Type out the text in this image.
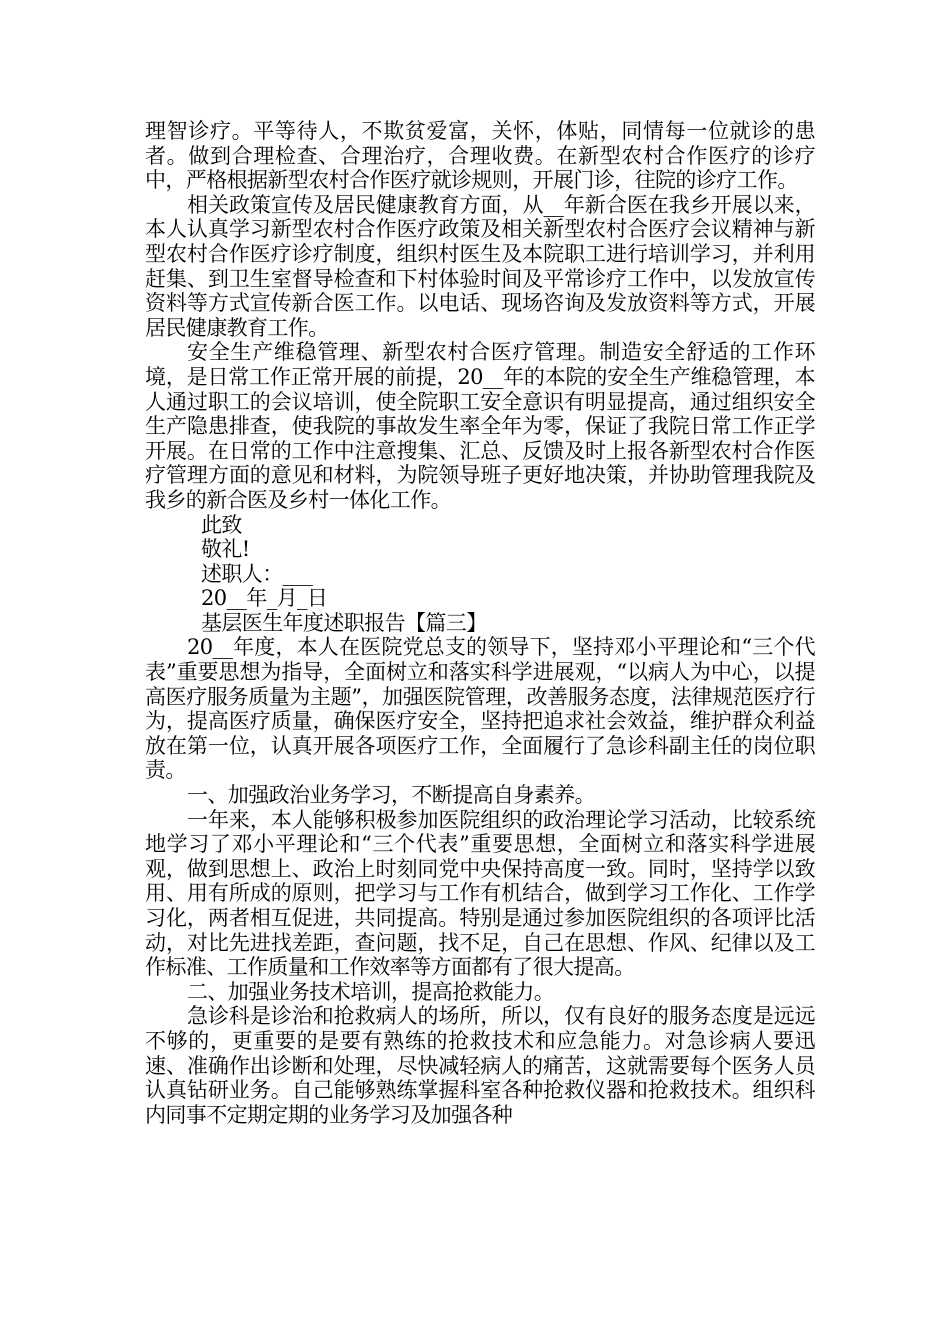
理智诊疗。平等待人，不欺贫爱富，关怀，体贴，同情每一位就诊的患者。做到合理检查、合理治疗，合理收费。在新型农村合作医疗的诊疗中，严格根据新型农村合作医疗就诊规则，开展门诊，往院的诊疗工作。

相关政策宣传及居民健康教育方面，从__年新合医在我乡开展以来，本人认真学习新型农村合作医疗政策及相关新型农村合医疗会议精神与新型农村合作医疗诊疗制度，组织村医生及本院职工进行培训学习，并利用赶集、到卫生室督导检查和下村体验时间及平常诊疗工作中，以发放宣传资料等方式宣传新合医工作。以电话、现场咨询及发放资料等方式，开展居民健康教育工作。

安全生产维稳管理、新型农村合医疗管理。制造安全舒适的工作环境，是日常工作正常开展的前提，20__年的本院的安全生产维稳管理，本人通过职工的会议培训，使全院职工安全意识有明显提高，通过组织安全生产隐患排查，使我院的事故发生率全年为零，保证了我院日常工作正学开展。在日常的工作中注意搜集、汇总、反馈及时上报各新型农村合作医疗管理方面的意见和材料，为院领导班子更好地决策，并协助管理我院及我乡的新合医及乡村一体化工作。

此致

敬礼!

述职人：___

20__年_月_日

基层医生年度述职报告【篇三】

20__年度，本人在医院党总支的领导下，坚持邓小平理论和“三个代表”重要思想为指导，全面树立和落实科学进展观，“以病人为中心，以提高医疗服务质量为主题”，加强医院管理，改善服务态度，法律规范医疗行为，提高医疗质量，确保医疗安全，坚持把追求社会效益，维护群众利益放在第一位，认真开展各项医疗工作，全面履行了急诊科副主任的岗位职责。

一、加强政治业务学习，不断提高自身素养。

一年来，本人能够积极参加医院组织的政治理论学习活动，比较系统地学习了邓小平理论和“三个代表”重要思想，全面树立和落实科学进展观，做到思想上、政治上时刻同党中央保持高度一致。同时，坚持学以致用、用有所成的原则，把学习与工作有机结合，做到学习工作化、工作学习化，两者相互促进，共同提高。特别是通过参加医院组织的各项评比活动，对比先进找差距，查问题，找不足，自己在思想、作风、纪律以及工作标准、工作质量和工作效率等方面都有了很大提高。

二、加强业务技术培训，提高抢救能力。

急诊科是诊治和抢救病人的场所，所以，仅有良好的服务态度是远远不够的，更重要的是要有熟练的抢救技术和应急能力。对急诊病人要迅速、准确作出诊断和处理，尽快减轻病人的痛苦，这就需要每个医务人员认真钻研业务。自己能够熟练掌握科室各种抢救仪器和抢救技术。组织科内同事不定期定期的业务学习及加强各种
